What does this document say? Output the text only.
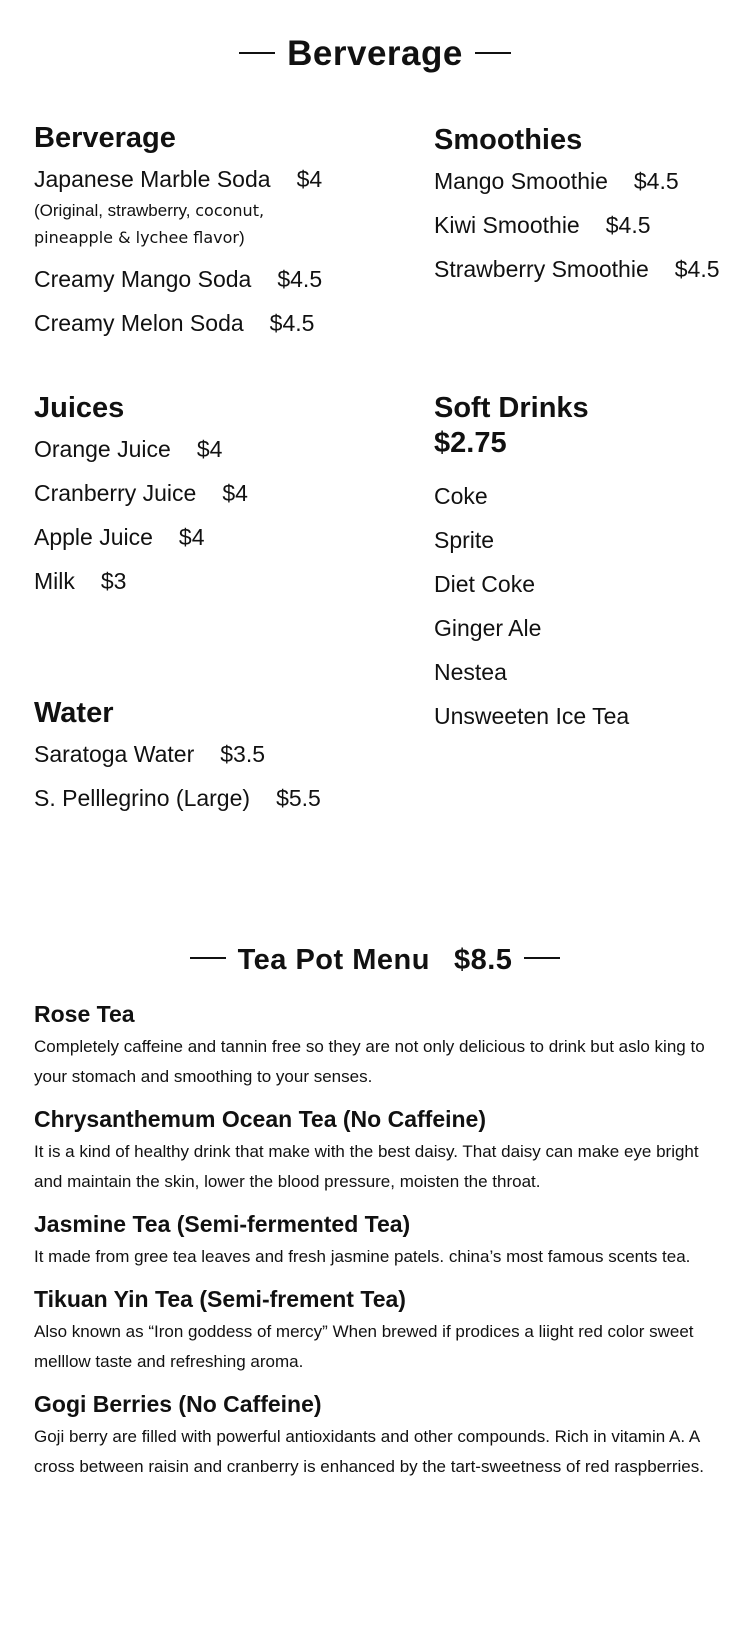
Berverage
Berverage
Japanese Marble Soda $4
(Original, strawberry, coconut,
pineapple & lychee flavor)
Creamy Mango Soda $4.5
Creamy Melon Soda $4.5
Smoothies
Mango Smoothie $4.5
Kiwi Smoothie $4.5
Strawberry Smoothie $4.5
Juices
Orange Juice $4
Cranberry Juice $4
Apple Juice $4
Milk $3
Soft Drinks
$2.75
Coke
Sprite
Diet Coke
Ginger Ale
Nestea
Unsweeten Ice Tea
Water
Saratoga Water $3.5
S. Pelllegrino (Large) $5.5
Tea Pot Menu $8.5
Rose Tea

Completely caffeine and tannin free so they are not only delicious to drink but aslo king to your stomach and smoothing to your senses.

Chrysanthemum Ocean Tea (No Caffeine)

It is a kind of healthy drink that make with the best daisy. That daisy can make eye bright and maintain the skin, lower the blood pressure, moisten the throat.

Jasmine Tea (Semi-fermented Tea)

It made from gree tea leaves and fresh jasmine patels. china’s most famous scents tea.

Tikuan Yin Tea (Semi-frement Tea)

Also known as “Iron goddess of mercy” When brewed if prodices a liight red color sweet melllow taste and refreshing aroma.

Gogi Berries (No Caffeine)

Goji berry are filled with powerful antioxidants and other compounds. Rich in vitamin A. A cross between raisin and cranberry is enhanced by the tart-sweetness of red raspberries.
